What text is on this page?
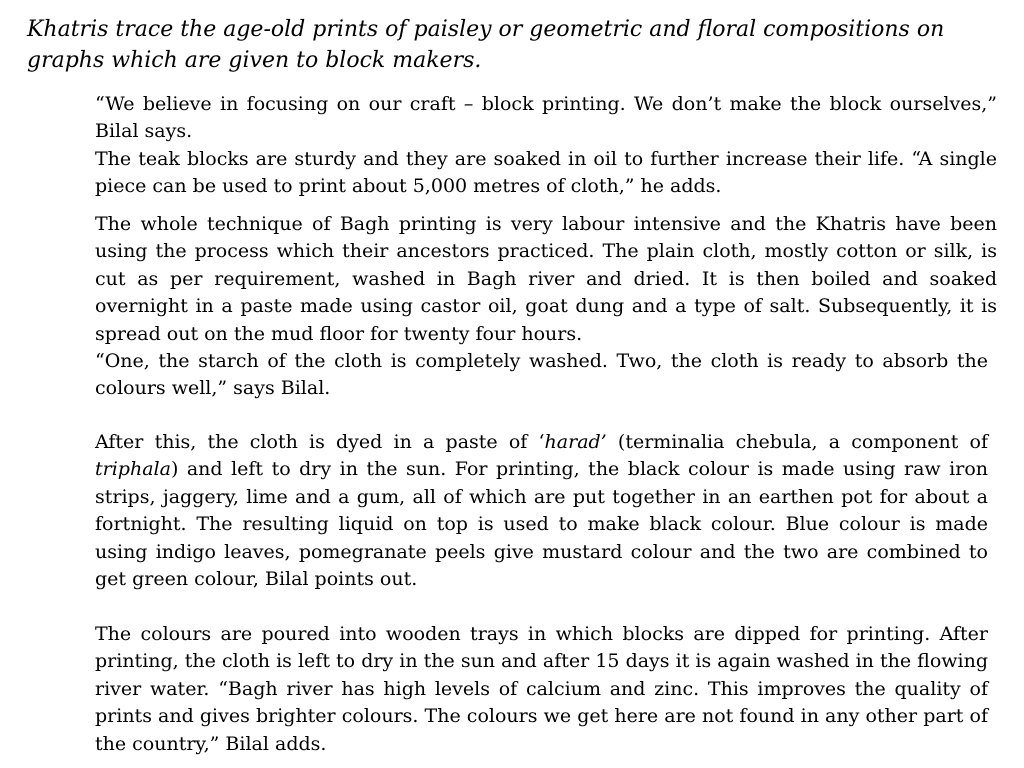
Khatris trace the age-old prints of paisley or geometric and floral compositions on graphs which are given to block makers.

“We believe in focusing on our craft – block printing. We don’t make the block ourselves,” Bilal says.

The teak blocks are sturdy and they are soaked in oil to further increase their life. “A single piece can be used to print about 5,000 metres of cloth,” he adds.

The whole technique of Bagh printing is very labour intensive and the Khatris have been using the process which their ancestors practiced. The plain cloth, mostly cotton or silk, is cut as per requirement, washed in Bagh river and dried. It is then boiled and soaked overnight in a paste made using castor oil, goat dung and a type of salt. Subsequently, it is spread out on the mud floor for twenty four hours.

“One, the starch of the cloth is completely washed. Two, the cloth is ready to absorb the colours well,” says Bilal.

After this, the cloth is dyed in a paste of ‘harad’ (terminalia chebula, a component of triphala) and left to dry in the sun. For printing, the black colour is made using raw iron strips, jaggery, lime and a gum, all of which are put together in an earthen pot for about a fortnight. The resulting liquid on top is used to make black colour. Blue colour is made using indigo leaves, pomegranate peels give mustard colour and the two are combined to get green colour, Bilal points out.

The colours are poured into wooden trays in which blocks are dipped for printing. After printing, the cloth is left to dry in the sun and after 15 days it is again washed in the flowing river water. “Bagh river has high levels of calcium and zinc. This improves the quality of prints and gives brighter colours. The colours we get here are not found in any other part of the country,” Bilal adds.
